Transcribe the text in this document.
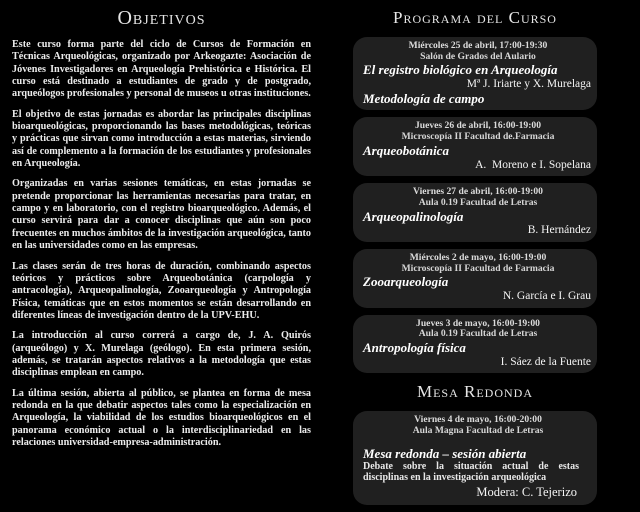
Objetivos

Este curso forma parte del ciclo de Cursos de Formación en Técnicas Arqueológicas, organizado por Arkeogazte: Asociación de Jóvenes Investigadores en Arqueología Prehistórica e Histórica. El curso está destinado a estudiantes de grado y de postgrado, arqueólogos profesionales y personal de museos u otras instituciones.

El objetivo de estas jornadas es abordar las principales disciplinas bioarqueológicas, proporcionando las bases metodológicas, teóricas y prácticas que sirvan como introducción a estas materias, sirviendo así de complemento a la formación de los estudiantes y profesionales en Arqueología.

Organizadas en varias sesiones temáticas, en estas jornadas se pretende proporcionar las herramientas necesarias para tratar, en campo y en laboratorio, con el registro bioarqueológico. Además, el curso servirá para dar a conocer disciplinas que aún son poco frecuentes en muchos ámbitos de la investigación arqueológica, tanto en las universidades como en las empresas.

Las clases serán de tres horas de duración, combinando aspectos teóricos y prácticos sobre Arqueobotánica (carpología y antracología), Arqueopalinología, Zooarqueología y Antropología Física, temáticas que en estos momentos se están desarrollando en diferentes líneas de investigación dentro de la UPV-EHU.

La introducción al curso correrá a cargo de, J. A. Quirós (arqueólogo) y X. Murelaga (geólogo). En esta primera sesión, además, se tratarán aspectos relativos a la metodología que estas disciplinas emplean en campo.

La última sesión, abierta al público, se plantea en forma de mesa redonda en la que debatir aspectos tales como la especialización en Arqueología, la viabilidad de los estudios bioarqueológicos en el panorama económico actual o la interdisciplinariedad en las relaciones universidad-empresa-administración.

Programa del Curso
Miércoles 25 de abril, 17:00-19:30
Salón de Grados del Aulario
El registro biológico en Arqueología
Mª J. Iriarte y X. Murelaga
Metodología de campo
Jueves 26 de abril, 16:00-19:00
Microscopía II Facultad de.Farmacia
Arqueobotánica
A.  Moreno e I. Sopelana
Viernes 27 de abril, 16:00-19:00
Aula 0.19 Facultad de Letras
Arqueopalinología
B. Hernández
Miércoles 2 de mayo, 16:00-19:00
Microscopía II Facultad de Farmacia
Zooarqueología
N. García e I. Grau
Jueves 3 de mayo, 16:00-19:00
Aula 0.19 Facultad de Letras
Antropología física
I. Sáez de la Fuente
Mesa Redonda
Viernes 4 de mayo, 16:00-20:00
Aula Magna Facultad de Letras
Mesa redonda – sesión abierta
Debate sobre la situación actual de estas disciplinas en la investigación arqueológica
Modera: C. Tejerizo
